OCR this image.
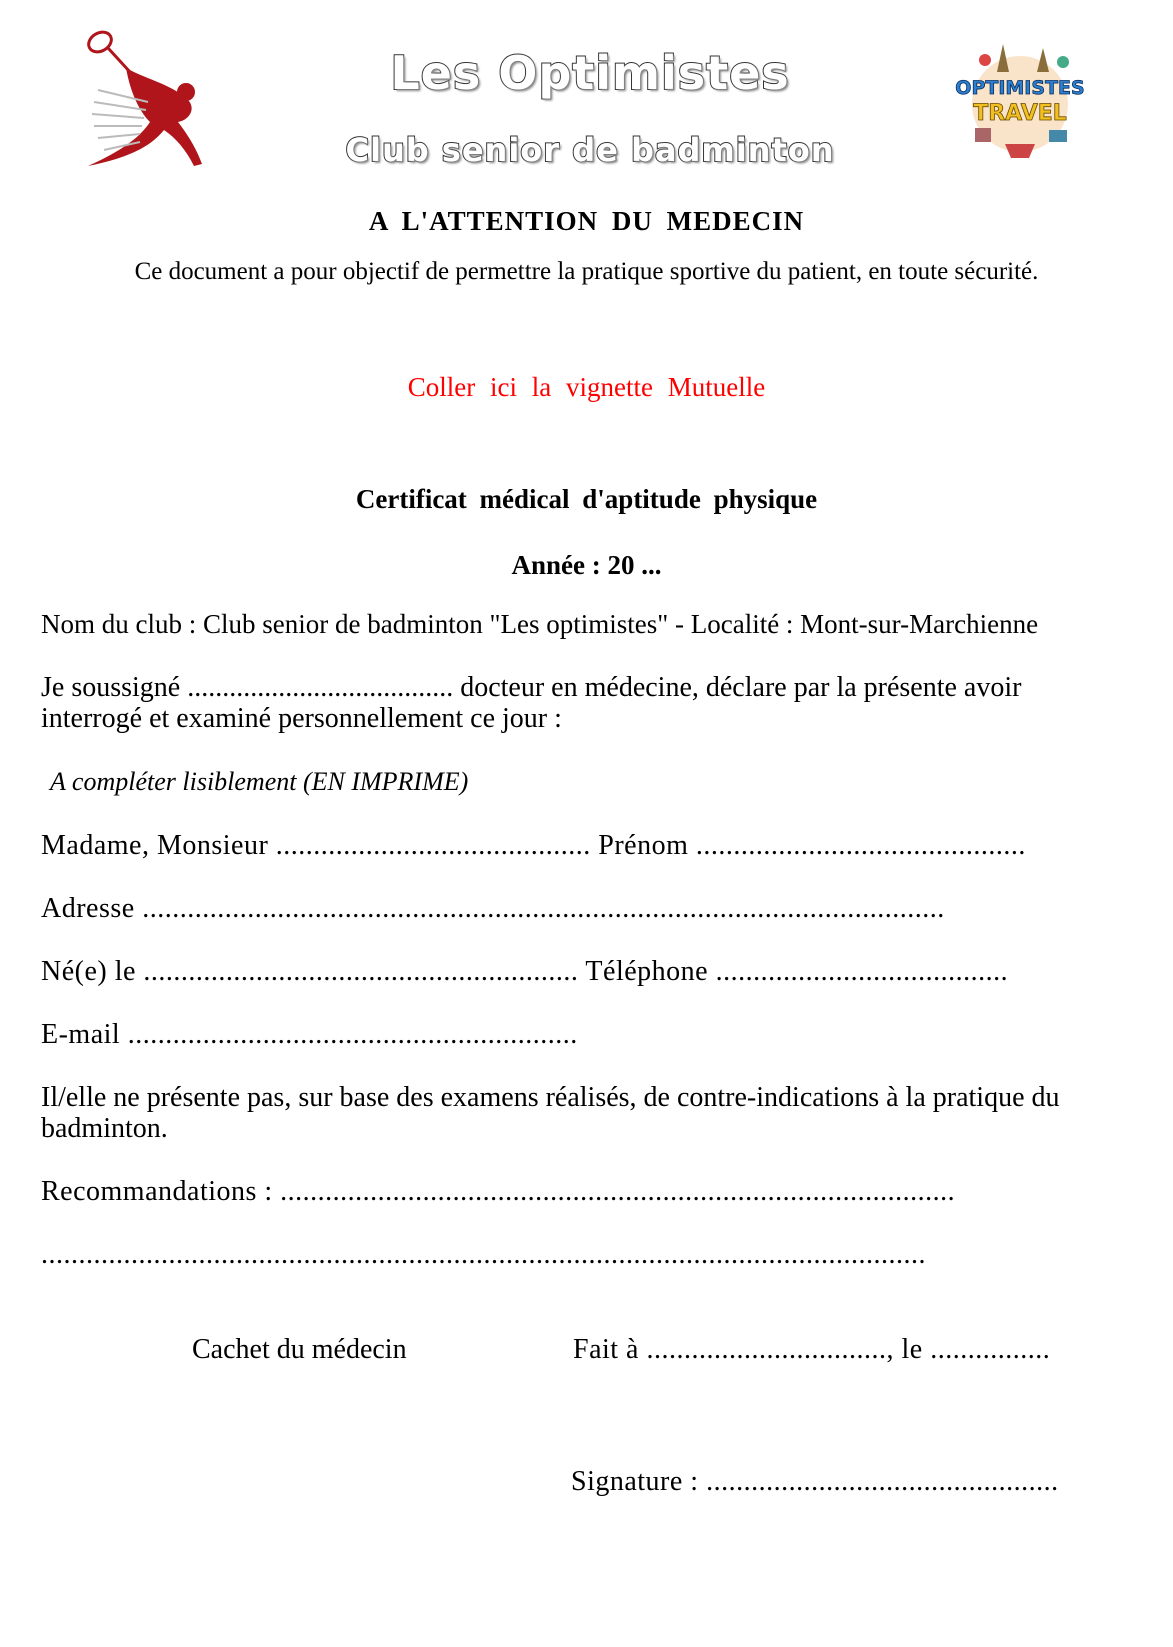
Les Optimistes
Club senior de badminton
OPTIMISTES
TRAVEL
A L'ATTENTION DU MEDECIN
Ce document a pour objectif de permettre la pratique sportive du patient, en toute sécurité.
Coller ici la vignette Mutuelle
Certificat médical d'aptitude physique
Année : 20 ...
Nom du club : Club senior de badminton "Les optimistes" - Localité : Mont-sur-Marchienne
Je soussigné ...................................... docteur en médecine, déclare par la présente avoir
interrogé et examiné personnellement ce jour :
A compléter lisiblement (EN IMPRIME)
Madame, Monsieur .......................................... Prénom ............................................
Adresse ...........................................................................................................
Né(e) le .......................................................... Téléphone .......................................
E-mail ............................................................
Il/elle ne présente pas, sur base des examens réalisés, de contre-indications à la pratique du
badminton.
Recommandations : ..........................................................................................
......................................................................................................................
Cachet du médecin	Fait à ................................, le ................
Signature : ...............................................
